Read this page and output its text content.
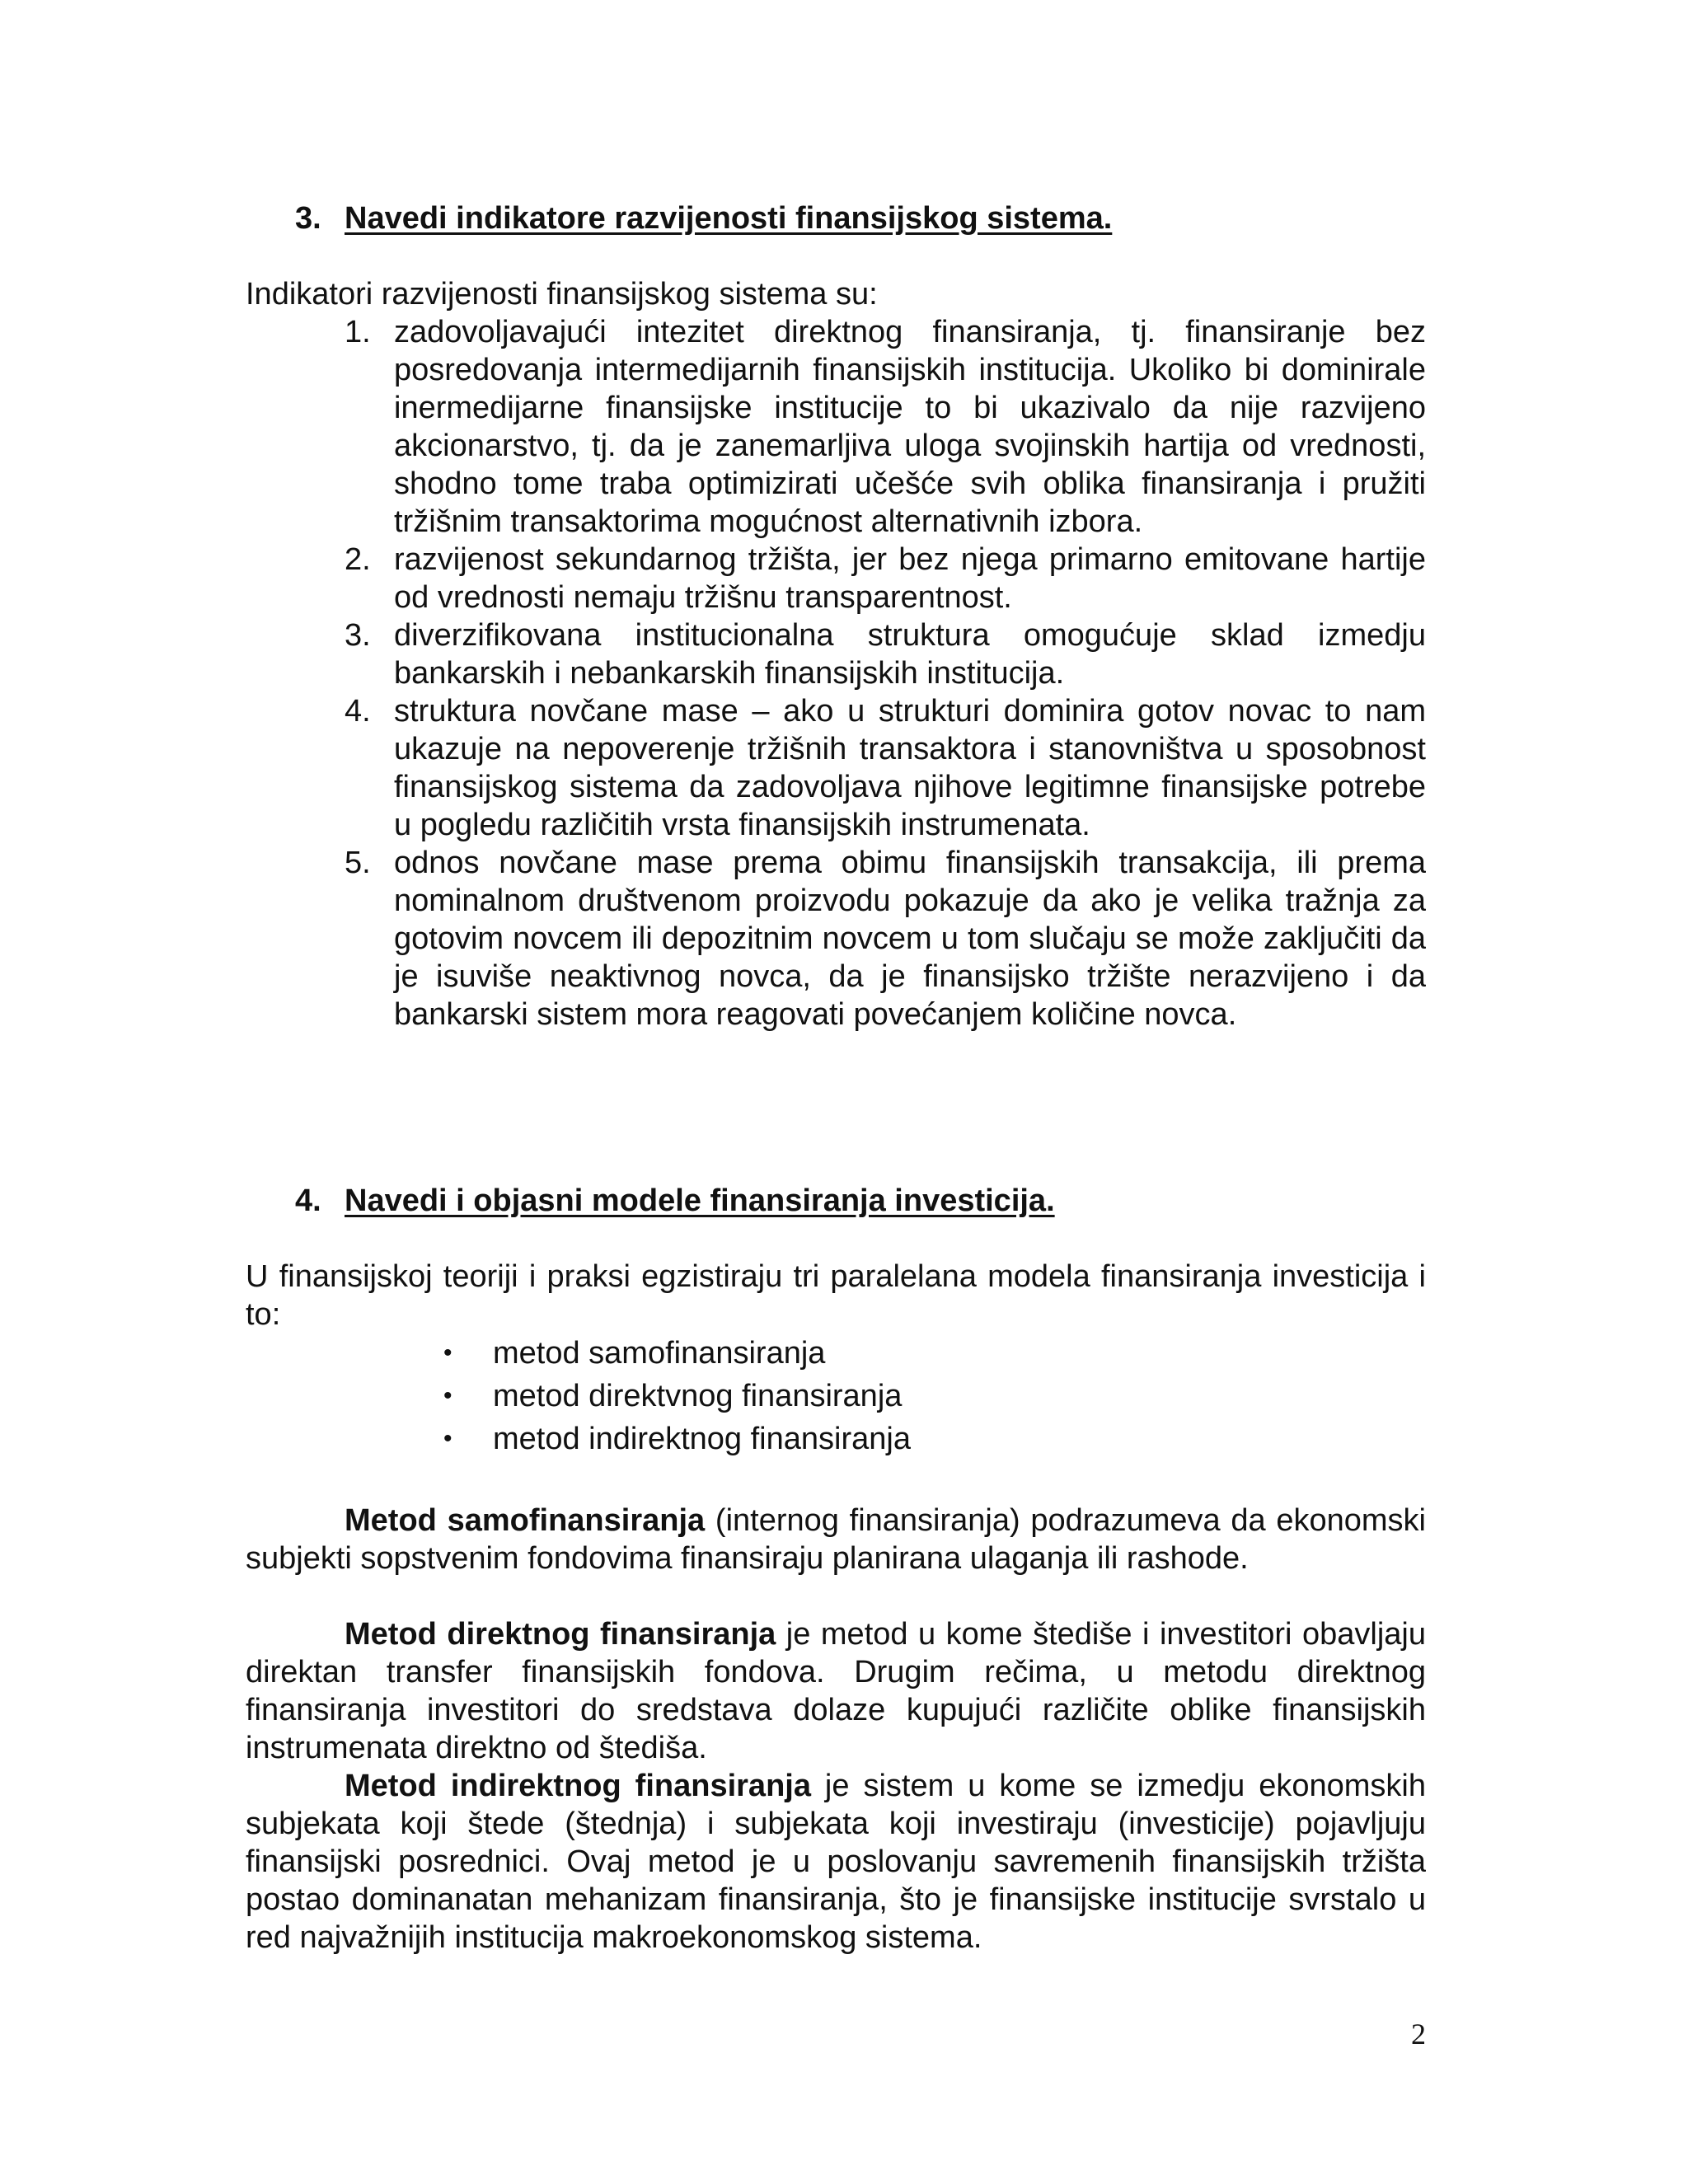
3. Navedi indikatore razvijenosti finansijskog sistema.
Indikatori razvijenosti finansijskog sistema su:
1. zadovoljavajući intezitet direktnog finansiranja, tj. finansiranje bez posredovanja intermedijarnih finansijskih institucija. Ukoliko bi dominirale inermedijarne finansijske institucije to bi ukazivalo da nije razvijeno akcionarstvo, tj. da je zanemarljiva uloga svojinskih hartija od vrednosti, shodno tome traba optimizirati učešće svih oblika finansiranja i pružiti tržišnim transaktorima mogućnost alternativnih izbora.
2. razvijenost sekundarnog tržišta, jer bez njega primarno emitovane hartije od vrednosti nemaju tržišnu transparentnost.
3. diverzifikovana institucionalna struktura omogućuje sklad izmedju bankarskih i nebankarskih finansijskih institucija.
4. struktura novčane mase – ako u strukturi dominira gotov novac to nam ukazuje na nepoverenje tržišnih transaktora i stanovništva u sposobnost finansijskog sistema da zadovoljava njihove legitimne finansijske potrebe u pogledu različitih vrsta finansijskih instrumenata.
5. odnos novčane mase prema obimu finansijskih transakcija, ili prema nominalnom društvenom proizvodu pokazuje da ako je velika tražnja za gotovim novcem ili depozitnim novcem u tom slučaju se može zaključiti da je isuviše neaktivnog novca, da je finansijsko tržište nerazvijeno i da bankarski sistem mora reagovati povećanjem količine novca.
4. Navedi i objasni modele finansiranja investicija.
U finansijskoj teoriji i praksi egzistiraju tri paralelana modela finansiranja investicija i to:
•	metod samofinansiranja
•	metod direktvnog finansiranja
•	metod indirektnog finansiranja
Metod samofinansiranja (internog finansiranja) podrazumeva da ekonomski subjekti sopstvenim fondovima finansiraju planirana ulaganja ili rashode.
Metod direktnog finansiranja je metod u kome štediše i investitori obavljaju direktan transfer finansijskih fondova. Drugim rečima, u metodu direktnog finansiranja investitori do sredstava dolaze kupujući različite oblike finansijskih instrumenata direktno od štediša.
Metod indirektnog finansiranja je sistem u kome se izmedju ekonomskih subjekata koji štede (štednja) i subjekata koji investiraju (investicije) pojavljuju finansijski posrednici. Ovaj metod je u poslovanju savremenih finansijskih tržišta postao dominanatan mehanizam finansiranja, što je finansijske institucije svrstalo u red najvažnijih institucija makroekonomskog sistema.
2
